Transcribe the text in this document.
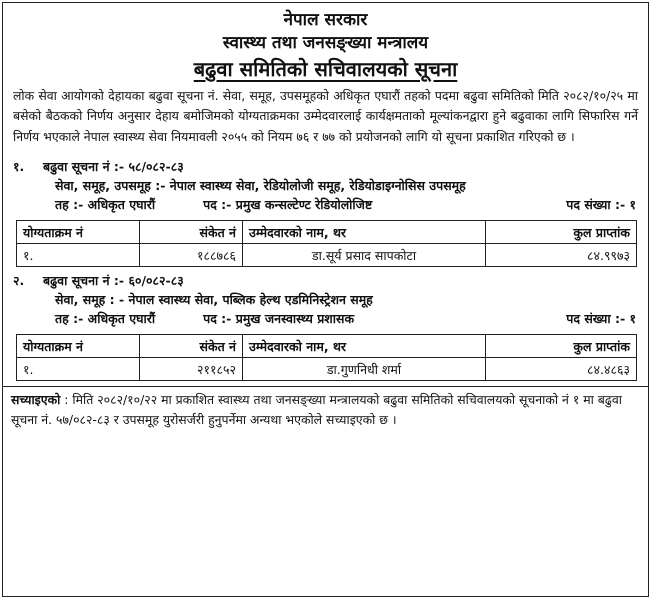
नेपाल सरकार
स्वास्थ्य तथा जनसङ्ख्या मन्त्रालय
बढुवा समितिको सचिवालयको सूचना
लोक सेवा आयोगको देहायका बढुवा सूचना नं. सेवा, समूह, उपसमूहको अधिकृत एघारौं तहको पदमा बढुवा समितिको मिति २०८२/१०/२५ मा बसेको बैठकको निर्णय अनुसार देहाय बमोजिमको योग्यताक्रमका उम्मेदवारलाई कार्यक्षमताको मूल्यांकनद्वारा हुने बढुवाका लागि सिफारिस गर्ने निर्णय भएकाले नेपाल स्वास्थ्य सेवा नियमावली २०५५ को नियम ७६ र ७७ को प्रयोजनको लागि यो सूचना प्रकाशित गरिएको छ ।
१.	बढुवा सूचना नं :- ५८/०८२-८३
सेवा, समूह, उपसमूह :- नेपाल स्वास्थ्य सेवा, रेडियोलोजी समूह, रेडियोडाइग्नोसिस उपसमूह
तह :- अधिकृत एघारौं	पद :- प्रमुख कन्सल्टेण्ट रेडियोलोजिष्ट	पद संख्या :- १
योग्यताक्रम नं	संकेत नं	उम्मेदवारको नाम, थर	कुल प्राप्तांक
१.	१८८७८६	डा.सूर्य प्रसाद सापकोटा	८४.९९७३
२.	बढुवा सूचना नं :- ६०/०८२-८३
सेवा, समूह : - नेपाल स्वास्थ्य सेवा, पब्लिक हेल्थ एडमिनिस्ट्रेशन समूह
तह :- अधिकृत एघारौं	पद :- प्रमुख जनस्वास्थ्य प्रशासक	पद संख्या :- १
योग्यताक्रम नं	संकेत नं	उम्मेदवारको नाम, थर	कुल प्राप्तांक
१.	२११८५२	डा.गुणनिधी शर्मा	८४.४८६३
सच्याइएको : मिति २०८२/१०/२२ मा प्रकाशित स्वास्थ्य तथा जनसङ्ख्या मन्त्रालयको बढुवा समितिको सचिवालयको सूचनाको नं १ मा बढुवा सूचना नं. ५७/०८२-८३ र उपसमूह युरोसर्जरी हुनुपर्नेमा अन्यथा भएकोले सच्याइएको छ ।
